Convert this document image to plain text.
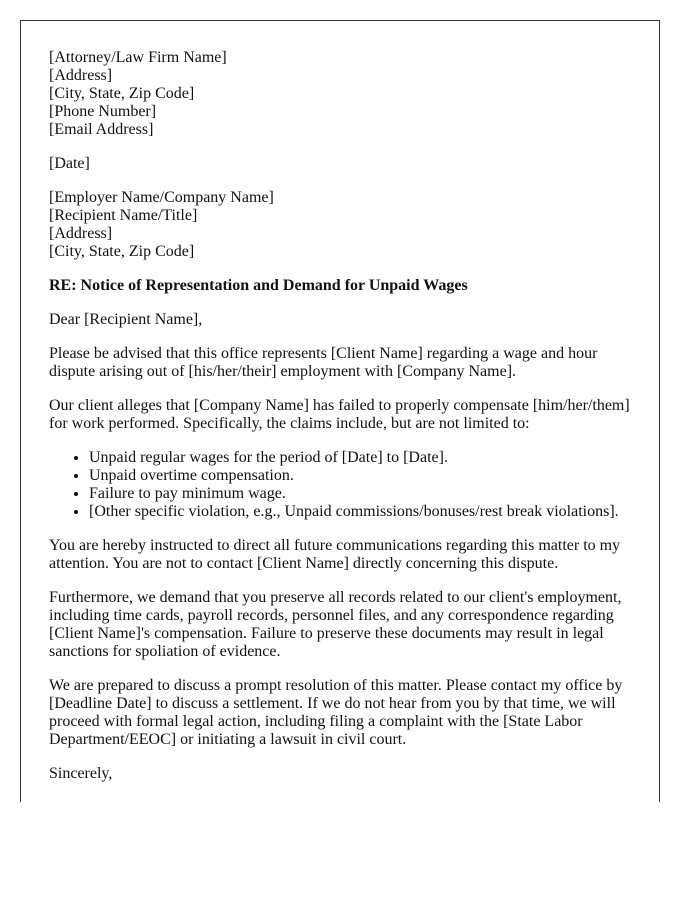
[Attorney/Law Firm Name]
[Address]
[City, State, Zip Code]
[Phone Number]
[Email Address]

[Date]

[Employer Name/Company Name]
[Recipient Name/Title]
[Address]
[City, State, Zip Code]

RE: Notice of Representation and Demand for Unpaid Wages

Dear [Recipient Name],

Please be advised that this office represents [Client Name] regarding a wage and hour dispute arising out of [his/her/their] employment with [Company Name].

Our client alleges that [Company Name] has failed to properly compensate [him/her/them] for work performed. Specifically, the claims include, but are not limited to:

• Unpaid regular wages for the period of [Date] to [Date].
• Unpaid overtime compensation.
• Failure to pay minimum wage.
• [Other specific violation, e.g., Unpaid commissions/bonuses/rest break violations].

You are hereby instructed to direct all future communications regarding this matter to my attention. You are not to contact [Client Name] directly concerning this dispute.

Furthermore, we demand that you preserve all records related to our client's employment, including time cards, payroll records, personnel files, and any correspondence regarding [Client Name]'s compensation. Failure to preserve these documents may result in legal sanctions for spoliation of evidence.

We are prepared to discuss a prompt resolution of this matter. Please contact my office by [Deadline Date] to discuss a settlement. If we do not hear from you by that time, we will proceed with formal legal action, including filing a complaint with the [State Labor Department/EEOC] or initiating a lawsuit in civil court.

Sincerely,
